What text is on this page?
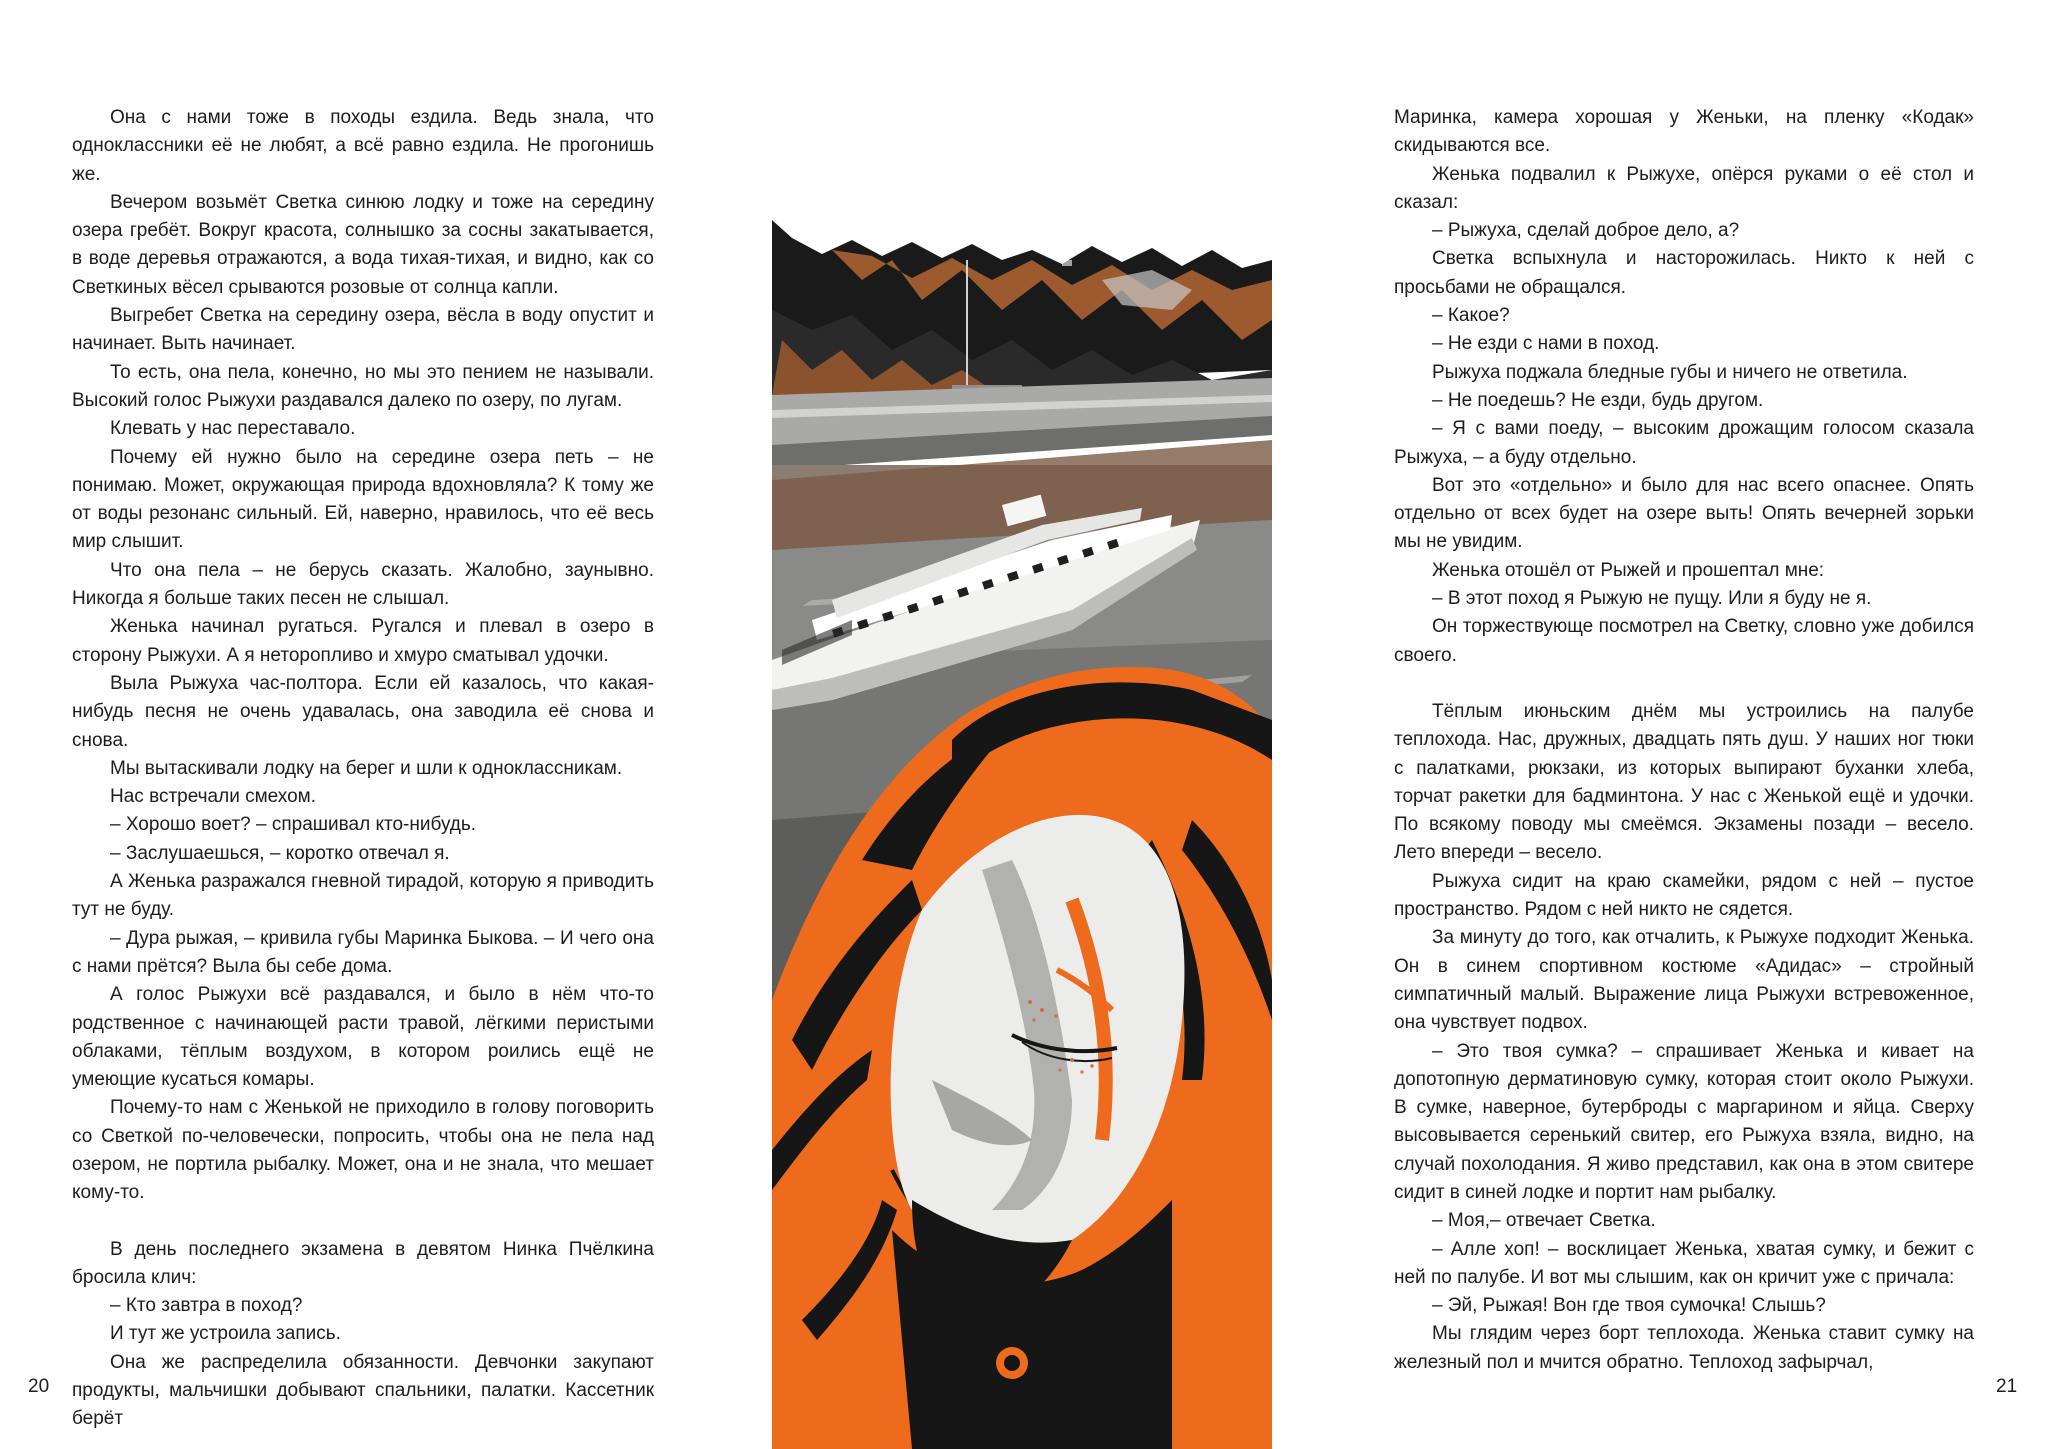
Она с нами тоже в походы ездила. Ведь знала, что одноклассники её не любят, а всё равно ездила. Не прогонишь же.

Вечером возьмёт Светка синюю лодку и тоже на середину озера гребёт. Вокруг красота, солнышко за сосны закатывается, в воде деревья отражаются, а вода тихая-тихая, и видно, как со Светкиных вёсел срываются розовые от солнца капли.

Выгребет Светка на середину озера, вёсла в воду опустит и начинает. Выть начинает.

То есть, она пела, конечно, но мы это пением не называли. Высокий голос Рыжухи раздавался далеко по озеру, по лугам.

Клевать у нас переставало.

Почему ей нужно было на середине озера петь – не понимаю. Может, окружающая природа вдохновляла? К тому же от воды резонанс сильный. Ей, наверно, нравилось, что её весь мир слышит.

Что она пела – не берусь сказать. Жалобно, заунывно. Никогда я больше таких песен не слышал.

Женька начинал ругаться. Ругался и плевал в озеро в сторону Рыжухи. А я неторопливо и хмуро сматывал удочки.

Выла Рыжуха час-полтора. Если ей казалось, что какая-нибудь песня не очень удавалась, она заводила её снова и снова.

Мы вытаскивали лодку на берег и шли к одноклассникам.

Нас встречали смехом.

– Хорошо воет? – спрашивал кто-нибудь.

– Заслушаешься, – коротко отвечал я.

А Женька разражался гневной тирадой, которую я приводить тут не буду.

– Дура рыжая, – кривила губы Маринка Быкова. – И чего она с нами прётся? Выла бы себе дома.

А голос Рыжухи всё раздавался, и было в нём что-то родственное с начинающей расти травой, лёгкими перистыми облаками, тёплым воздухом, в котором роились ещё не умеющие кусаться комары.

Почему-то нам с Женькой не приходило в голову поговорить со Светкой по-человечески, попросить, чтобы она не пела над озером, не портила рыбалку. Может, она и не знала, что мешает кому-то.

В день последнего экзамена в девятом Нинка Пчёлкина бросила клич:

– Кто завтра в поход?

И тут же устроила запись.

Она же распределила обязанности. Девчонки закупают продукты, мальчишки добывают спальники, палатки. Кассетник берёт

Маринка, камера хорошая у Женьки, на пленку «Кодак» скидываются все.

Женька подвалил к Рыжухе, опёрся руками о её стол и сказал:

– Рыжуха, сделай доброе дело, а?

Светка вспыхнула и насторожилась. Никто к ней с просьбами не обращался.

– Какое?

– Не езди с нами в поход.

Рыжуха поджала бледные губы и ничего не ответила.

– Не поедешь? Не езди, будь другом.

– Я с вами поеду, – высоким дрожащим голосом сказала Рыжуха, – а буду отдельно.

Вот это «отдельно» и было для нас всего опаснее. Опять отдельно от всех будет на озере выть! Опять вечерней зорьки мы не увидим.

Женька отошёл от Рыжей и прошептал мне:

– В этот поход я Рыжую не пущу. Или я буду не я.

Он торжествующе посмотрел на Светку, словно уже добился своего.

Тёплым июньским днём мы устроились на палубе теплохода. Нас, дружных, двадцать пять душ. У наших ног тюки с палатками, рюкзаки, из которых выпирают буханки хлеба, торчат ракетки для бадминтона. У нас с Женькой ещё и удочки. По всякому поводу мы смеёмся. Экзамены позади – весело. Лето впереди – весело.

Рыжуха сидит на краю скамейки, рядом с ней – пустое пространство. Рядом с ней никто не сядется.

За минуту до того, как отчалить, к Рыжухе подходит Женька. Он в синем спортивном костюме «Адидас» – стройный симпатичный малый. Выражение лица Рыжухи встревоженное, она чувствует подвох.

– Это твоя сумка? – спрашивает Женька и кивает на допотопную дерматиновую сумку, которая стоит около Рыжухи. В сумке, наверное, бутерброды с маргарином и яйца. Сверху высовывается серенький свитер, его Рыжуха взяла, видно, на случай похолодания. Я живо представил, как она в этом свитере сидит в синей лодке и портит нам рыбалку.

– Моя,– отвечает Светка.

– Алле хоп! – восклицает Женька, хватая сумку, и бежит с ней по палубе. И вот мы слышим, как он кричит уже с причала:

– Эй, Рыжая! Вон где твоя сумочка! Слышь?

Мы глядим через борт теплохода. Женька ставит сумку на железный пол и мчится обратно. Теплоход зафырчал,

20	21
